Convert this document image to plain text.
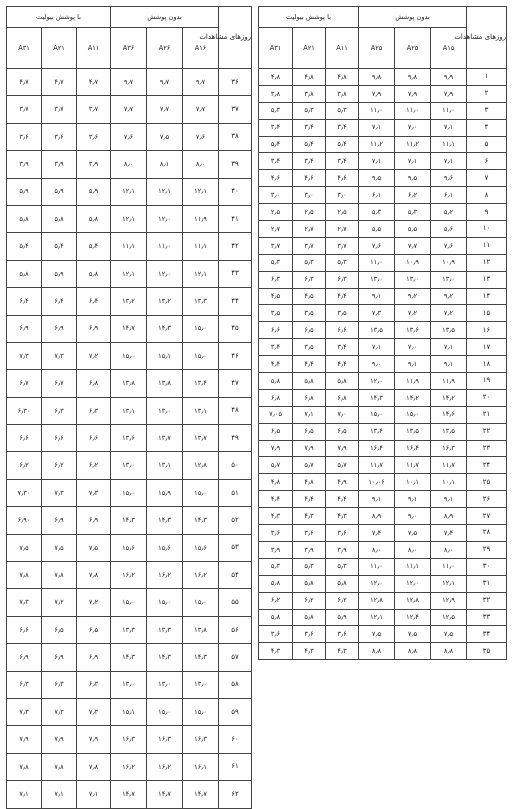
روزهای مشاهدات	بدون پوشش			با پوشش بیولیت		
	A۱۵	A۲۵	A۲۵	A۱۱	A۲۱	A۳۱
۱	۹٫۹	۹٫۸	۹٫۸	۴٫۸	۴٫۸	۴٫۸
۲	۷٫۹	۷٫۹	۷٫۹	۳٫۸	۳٫۸	۳٫۸
۳	۱۱٫۰	۱۱٫۰	۱۱٫۰	۵٫۳	۵٫۳	۵٫۳
۴	۷٫۱	۷٫۰	۷٫۱	۳٫۴	۳٫۴	۳٫۴
۵	۱۱٫۱	۱۱٫۲	۱۱٫۲	۵٫۴	۵٫۴	۵٫۴
۶	۷٫۱	۷٫۱	۷٫۱	۳٫۴	۳٫۴	۳٫۴
۷	۹٫۶	۹٫۵	۹٫۵	۴٫۶	۴٫۶	۴٫۶
۸	۶٫۱	۶٫۲	۶٫۱	۳٫۰	۳٫۰	۳٫۰
۹	۵٫۲	۵٫۳	۵٫۳	۲٫۵	۲٫۵	۲٫۵
۱۰	۵٫۶	۵٫۵	۵٫۵	۲٫۷	۲٫۷	۲٫۷
۱۱	۷٫۶	۷٫۷	۷٫۶	۳٫۷	۳٫۷	۳٫۷
۱۲	۱۰٫۹	۱۰٫۹	۱۱٫۰	۵٫۳	۵٫۳	۵٫۳
۱۳	۱۳٫۰	۱۳٫۰	۱۳٫۰	۶٫۳	۶٫۳	۶٫۳
۱۴	۹٫۲	۹٫۲	۹٫۱	۴٫۴	۴٫۵	۴٫۵
۱۵	۷٫۲	۷٫۲	۷٫۳	۳٫۵	۳٫۵	۳٫۵
۱۶	۱۳٫۵	۱۳٫۶	۱۳٫۵	۶٫۶	۶٫۵	۶٫۶
۱۷	۷٫۱	۷٫۰	۷٫۱	۳٫۴	۳٫۵	۳٫۴
۱۸	۹٫۱	۹٫۱	۹٫۰	۴٫۴	۴٫۴	۴٫۴
۱۹	۱۱٫۹	۱۱٫۹	۱۲٫۰	۵٫۸	۵٫۸	۵٫۸
۲۰	۱۴٫۲	۱۴٫۲	۱۴٫۳	۶٫۸	۶٫۸	۶٫۸
۲۱	۱۴٫۶	۱۵٫۰	۱۵٫۰	۷٫۰	۷٫۱	۷٫۰۵
۲۲	۱۳٫۵	۱۳٫۵	۱۳٫۴	۶٫۵	۶٫۵	۶٫۵
۲۳	۱۶٫۳	۱۶٫۴	۱۶٫۴	۷٫۹	۷٫۹	۷٫۹
۲۴	۱۱٫۷	۱۱٫۷	۱۱٫۷	۵٫۷	۵٫۷	۵٫۷
۲۵	۱۰٫۱	۱۰٫۱	۱۰٫۰۶	۴٫۹	۴٫۸	۴٫۸
۲۶	۹٫۱	۹٫۱	۹٫۱	۴٫۴	۴٫۴	۴٫۴
۲۷	۸٫۹	۹٫۰	۸٫۹	۴٫۳	۴٫۳	۴٫۳
۲۸	۷٫۴	۷٫۵	۷٫۴	۳٫۶	۳٫۶	۳٫۶
۲۹	۸٫۰	۸٫۰	۸٫۰	۳٫۹	۳٫۹	۳٫۹
۳۰	۱۱٫۰	۱۱٫۱	۱۱٫۰	۵٫۳	۵٫۳	۵٫۳
۳۱	۱۲٫۱	۱۲٫۰	۱۲٫۰	۵٫۸	۵٫۸	۵٫۸
۳۲	۱۲٫۹	۱۲٫۸	۱۲٫۸	۶٫۲	۶٫۲	۶٫۲
۳۳	۱۲٫۵	۱۲٫۴	۱۲٫۱	۵٫۹	۵٫۸	۵٫۸
۳۴	۷٫۵	۷٫۵	۷٫۵	۳٫۶	۳٫۶	۳٫۶
۳۵	۸٫۸	۸٫۸	۸٫۸	۴٫۳	۴٫۳	۴٫۳
روزهای مشاهدات	بدون پوشش			با پوشش بیولیت		
	A۱۶	A۲۶	A۳۶	A۱۱	A۲۱	A۳۱
۳۶	۹٫۷	۹٫۷	۹٫۷	۴٫۷	۴٫۷	۴٫۷
۳۷	۷٫۷	۷٫۷	۷٫۷	۳٫۷	۳٫۷	۳٫۷
۳۸	۷٫۶	۷٫۵	۷٫۶	۳٫۶	۳٫۶	۳٫۶
۳۹	۸٫۰	۸٫۱	۸٫۰	۳٫۹	۳٫۹	۳٫۹
۴۰	۱۲٫۱	۱۲٫۱	۱۲٫۱	۵٫۹	۵٫۹	۵٫۹
۴۱	۱۱٫۹	۱۲٫۰	۱۲٫۱	۵٫۸	۵٫۸	۵٫۸
۴۲	۱۱٫۱	۱۱٫۰	۱۱٫۱	۵٫۴	۵٫۴	۵٫۴
۴۳	۱۲٫۱	۱۲٫۰	۱۲٫۱	۵٫۸	۵٫۹	۵٫۸
۴۴	۱۳٫۳	۱۳٫۲	۱۳٫۲	۶٫۴	۶٫۴	۶٫۴
۴۵	۱۵٫۰	۱۴٫۳	۱۴٫۷	۶٫۹	۶٫۹	۶٫۹
۴۶	۱۵٫۰	۱۵٫۱	۱۵٫۰	۷٫۲	۷٫۳	۷٫۳
۴۷	۱۳٫۴	۱۳٫۸	۱۳٫۸	۶٫۸	۶٫۷	۶٫۷
۴۸	۱۳٫۱	۱۳٫۰	۱۳٫۱	۶٫۳	۶٫۳	۶٫۳۰
۴۹	۱۳٫۷	۱۳٫۷	۱۳٫۶	۶٫۶	۶٫۶	۶٫۶
۵۰	۱۲٫۸	۱۳٫۱	۱۳٫۰	۶٫۲	۶٫۲	۶٫۲
۵۱	۱۵٫۰	۱۵٫۹	۱۵٫۰	۷٫۳	۷٫۳	۷٫۳۰
۵۲	۱۴٫۳	۱۴٫۳	۱۴٫۳	۶٫۹	۶٫۹	۶٫۹۰
۵۳	۱۵٫۶	۱۵٫۶	۱۵٫۶	۷٫۵	۷٫۵	۷٫۵
۵۴	۱۶٫۲	۱۶٫۲	۱۶٫۲	۷٫۸	۷٫۸	۷٫۸
۵۵	۱۵٫۰	۱۵٫۰	۱۵٫۰	۷٫۲	۷٫۲	۷٫۳
۵۶	۱۳٫۸	۱۳٫۳	۱۳٫۳	۶٫۵	۶٫۵	۶٫۶
۵۷	۱۴٫۳	۱۴٫۳	۱۴٫۳	۶٫۹	۶٫۹	۶٫۹
۵۸	۱۳٫۰	۱۳٫۰	۱۳٫۰	۶٫۳	۶٫۳	۶٫۳
۵۹	۱۵٫۰	۱۵٫۰	۱۵٫۱	۷٫۳	۷٫۳	۷٫۳
۶۰	۱۶٫۳	۱۶٫۳	۱۶٫۳	۷٫۹	۷٫۹	۷٫۹
۶۱	۱۶٫۱	۱۶٫۲	۱۶٫۲	۷٫۸	۷٫۸	۷٫۸
۶۲	۱۴٫۷	۱۴٫۷	۱۴٫۷	۷٫۱	۷٫۱	۷٫۱
